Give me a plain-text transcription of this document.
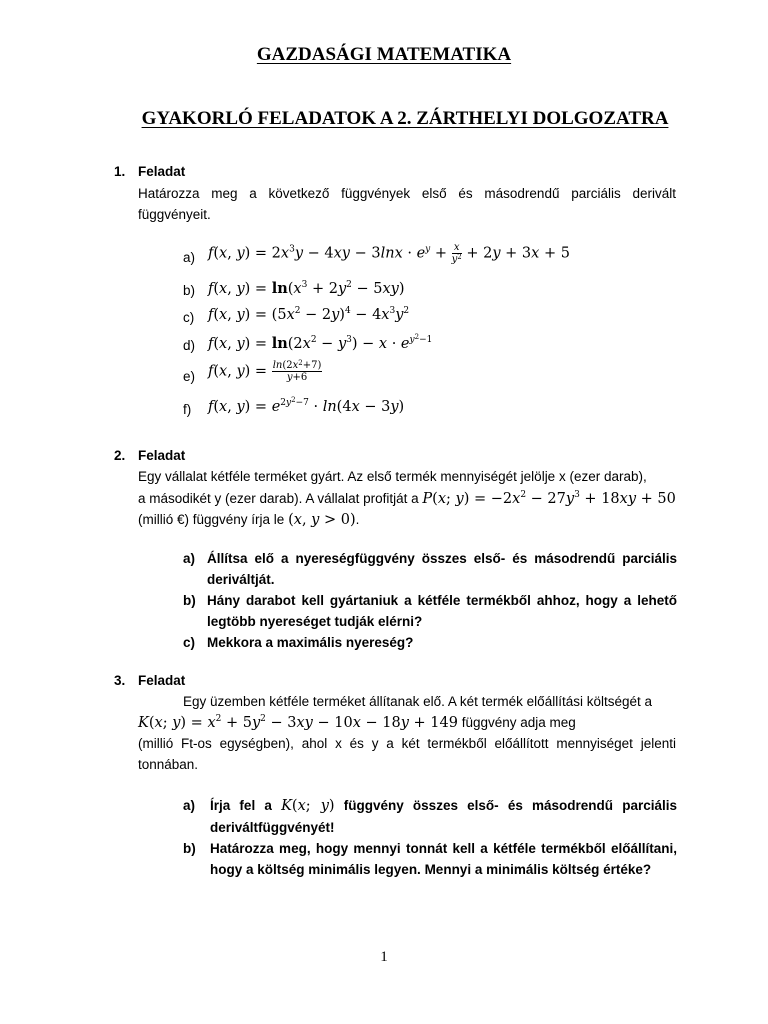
GAZDASÁGI MATEMATIKA
GYAKORLÓ FELADATOK A 2. ZÁRTHELYI DOLGOZATRA
1. Feladat
Határozza meg a következő függvények első és másodrendű parciális derivált függvényeit.
a) f(x, $y) = 2x^3y - 4xy - 3\ln x \cdot e^y + \frac{x}{y^2} + 2y + 3x + 5$
b) f(x, $y) = \ln(x^3 + 2y^2 - 5xy)$
c) f(x, $y) = (5x^2 - 2y)^4 - 4x^3y^2$
d) f(x, $y) = \ln(2x^2 - y^3) - x \cdot e^{y^2-1}$
e) f(x, $y) = \frac{\ln(2x^2+7)}{y+6}$
f) f(x, $y) = e^{2y^2-7} \cdot \ln(4x - 3y)$
2. Feladat
Egy vállalat kétféle terméket gyárt. Az első termék mennyiségét jelölje x (ezer darab),
a másodikét y (ezer darab). A vállalat profitját a P(x; $y) = -2x^2 - 27y^3 + 18xy + 50$
(millió €) függvény írja le (x, y > 0).
a) Állítsa elő a nyereségfüggvény összes első- és másodrendű parciális deriváltját.
b) Hány darabot kell gyártaniuk a kétféle termékből ahhoz, hogy a lehető legtöbb nyereséget tudják elérni?
c) Mekkora a maximális nyereség?
3. Feladat
Egy üzemben kétféle terméket állítanak elő. A két termék előállítási költségét a
K(x; $y) = x^2 + 5y^2 - 3xy - 10x - 18y + 149$ függvény adja meg
(millió Ft-os egységben), ahol x és y a két termékből előállított mennyiséget jelenti tonnában.
a) Írja fel a K(x; y) függvény összes első- és másodrendű parciális deriváltfüggvényét!
b) Határozza meg, hogy mennyi tonnát kell a kétféle termékből előállítani, hogy a költség minimális legyen. Mennyi a minimális költség értéke?
1
